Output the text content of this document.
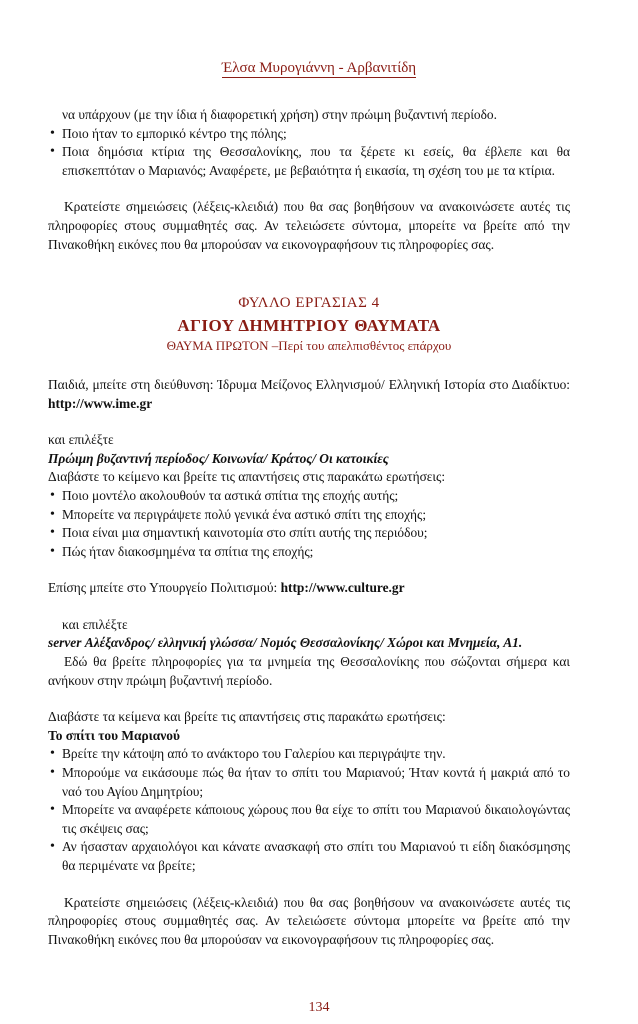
Έλσα Μυρογιάννη - Αρβανιτίδη

να υπάρχουν (με την ίδια ή διαφορετική χρήση) στην πρώιμη βυζαντινή περίοδο.

• Ποιο ήταν το εμπορικό κέντρο της πόλης;
• Ποια δημόσια κτίρια της Θεσσαλονίκης, που τα ξέρετε κι εσείς, θα έβλεπε και θα επισκεπτόταν ο Μαριανός; Αναφέρετε, με βεβαιότητα ή εικασία, τη σχέση του με τα κτίρια.

Κρατείστε σημειώσεις (λέξεις-κλειδιά) που θα σας βοηθήσουν να ανακοινώσετε αυτές τις πληροφορίες στους συμμαθητές σας. Αν τελειώσετε σύντομα, μπορείτε να βρείτε από την Πινακοθήκη εικόνες που θα μπορούσαν να εικονογραφήσουν τις πληροφορίες σας.

ΦΥΛΛΟ ΕΡΓΑΣΙΑΣ 4

ΑΓΙΟΥ ΔΗΜΗΤΡΙΟΥ ΘΑΥΜΑΤΑ

ΘΑΥΜΑ ΠΡΩΤΟΝ –Περί του απελπισθέντος επάρχου

Παιδιά, μπείτε στη διεύθυνση: Ίδρυμα Μείζονος Ελληνισμού/ Ελληνική Ιστορία στο Διαδίκτυο: http://www.ime.gr

και επιλέξτε

Πρώιμη βυζαντινή περίοδος/ Κοινωνία/ Κράτος/ Οι κατοικίες

Διαβάστε το κείμενο και βρείτε τις απαντήσεις στις παρακάτω ερωτήσεις:

• Ποιο μοντέλο ακολουθούν τα αστικά σπίτια της εποχής αυτής;
• Μπορείτε να περιγράψετε πολύ γενικά ένα αστικό σπίτι της εποχής;
• Ποια είναι μια σημαντική καινοτομία στο σπίτι αυτής της περιόδου;
• Πώς ήταν διακοσμημένα τα σπίτια της εποχής;

Επίσης μπείτε στο Υπουργείο Πολιτισμού: http://www.culture.gr

και επιλέξτε

server Αλέξανδρος/ ελληνική γλώσσα/ Νομός Θεσσαλονίκης/ Χώροι και Μνημεία, Α1.

Εδώ θα βρείτε πληροφορίες για τα μνημεία της Θεσσαλονίκης που σώζονται σήμερα και ανήκουν στην πρώιμη βυζαντινή περίοδο.

Διαβάστε τα κείμενα και βρείτε τις απαντήσεις στις παρακάτω ερωτήσεις:

Το σπίτι του Μαριανού

• Βρείτε την κάτοψη από το ανάκτορο του Γαλερίου και περιγράψτε την.
• Μπορούμε να εικάσουμε πώς θα ήταν το σπίτι του Μαριανού; Ήταν κοντά ή μακριά από το ναό του Αγίου Δημητρίου;
• Μπορείτε να αναφέρετε κάποιους χώρους που θα είχε το σπίτι του Μαριανού δικαιολογώντας τις σκέψεις σας;
• Αν ήσασταν αρχαιολόγοι και κάνατε ανασκαφή στο σπίτι του Μαριανού τι είδη διακόσμησης θα περιμένατε να βρείτε;

Κρατείστε σημειώσεις (λέξεις-κλειδιά) που θα σας βοηθήσουν να ανακοινώσετε αυτές τις πληροφορίες στους συμμαθητές σας. Αν τελειώσετε σύντομα μπορείτε να βρείτε από την Πινακοθήκη εικόνες που θα μπορούσαν να εικονογραφήσουν τις πληροφορίες σας.

134
